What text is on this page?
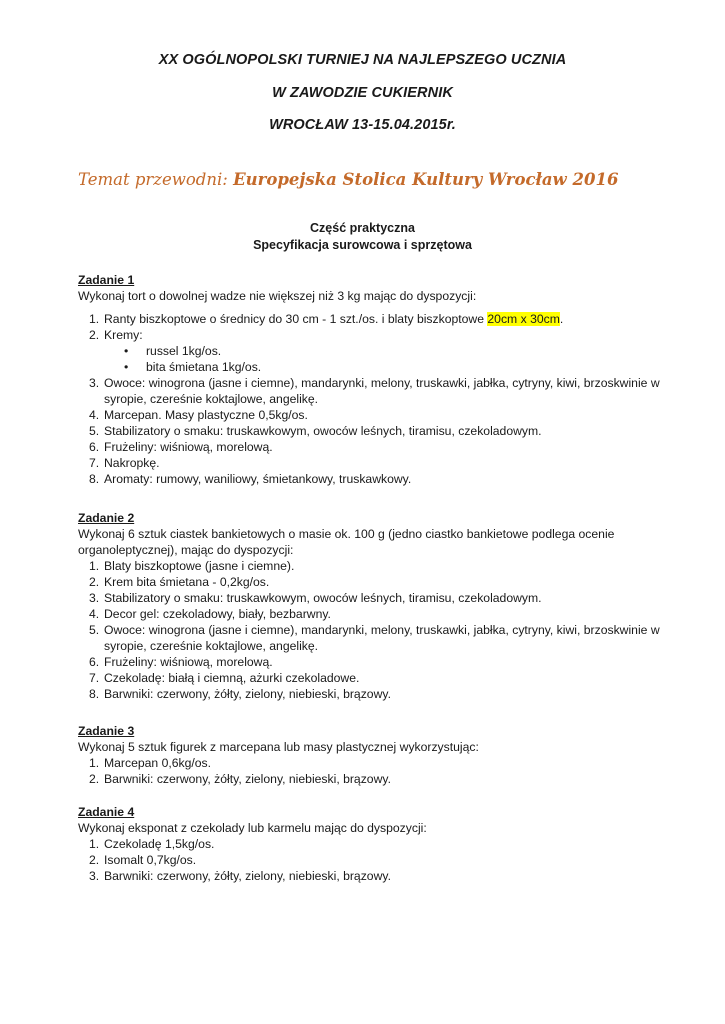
XX OGÓLNOPOLSKI TURNIEJ NA NAJLEPSZEGO UCZNIA
W ZAWODZIE CUKIERNIK
WROCŁAW 13-15.04.2015r.
Temat przewodni: Europejska Stolica Kultury Wrocław 2016
Część praktyczna
Specyfikacja surowcowa i sprzętowa
Zadanie 1
Wykonaj tort o dowolnej wadze nie większej niż 3 kg mając do dyspozycji:
1. Ranty biszkoptowe o średnicy do 30 cm - 1 szt./os. i blaty biszkoptowe 20cm x 30cm.
2. Kremy:
• russel 1kg/os.
• bita śmietana 1kg/os.
3. Owoce: winogrona (jasne i ciemne), mandarynki, melony, truskawki, jabłka, cytryny, kiwi, brzoskwinie w syropie, czereśnie koktajlowe, angelikę.
4. Marcepan. Masy plastyczne 0,5kg/os.
5. Stabilizatory o smaku: truskawkowym, owoców leśnych, tiramisu, czekoladowym.
6. Frużeliny: wiśniową, morelową.
7. Nakropkę.
8. Aromaty: rumowy, waniliowy, śmietankowy, truskawkowy.
Zadanie 2
Wykonaj 6 sztuk ciastek bankietowych o masie ok. 100 g (jedno ciastko bankietowe podlega ocenie organoleptycznej), mając do dyspozycji:
1. Blaty biszkoptowe (jasne i ciemne).
2. Krem bita śmietana - 0,2kg/os.
3. Stabilizatory o smaku: truskawkowym, owoców leśnych, tiramisu, czekoladowym.
4. Decor gel: czekoladowy, biały, bezbarwny.
5. Owoce: winogrona (jasne i ciemne), mandarynki, melony, truskawki, jabłka, cytryny, kiwi, brzoskwinie w syropie, czereśnie koktajlowe, angelikę.
6. Frużeliny: wiśniową, morelową.
7. Czekoladę: białą i ciemną, ażurki czekoladowe.
8. Barwniki: czerwony, żółty, zielony, niebieski, brązowy.
Zadanie 3
Wykonaj 5 sztuk figurek z marcepana lub masy plastycznej wykorzystując:
1. Marcepan 0,6kg/os.
2. Barwniki: czerwony, żółty, zielony, niebieski, brązowy.
Zadanie 4
Wykonaj eksponat z czekolady lub karmelu mając do dyspozycji:
1. Czekoladę 1,5kg/os.
2. Isomalt 0,7kg/os.
3. Barwniki: czerwony, żółty, zielony, niebieski, brązowy.
